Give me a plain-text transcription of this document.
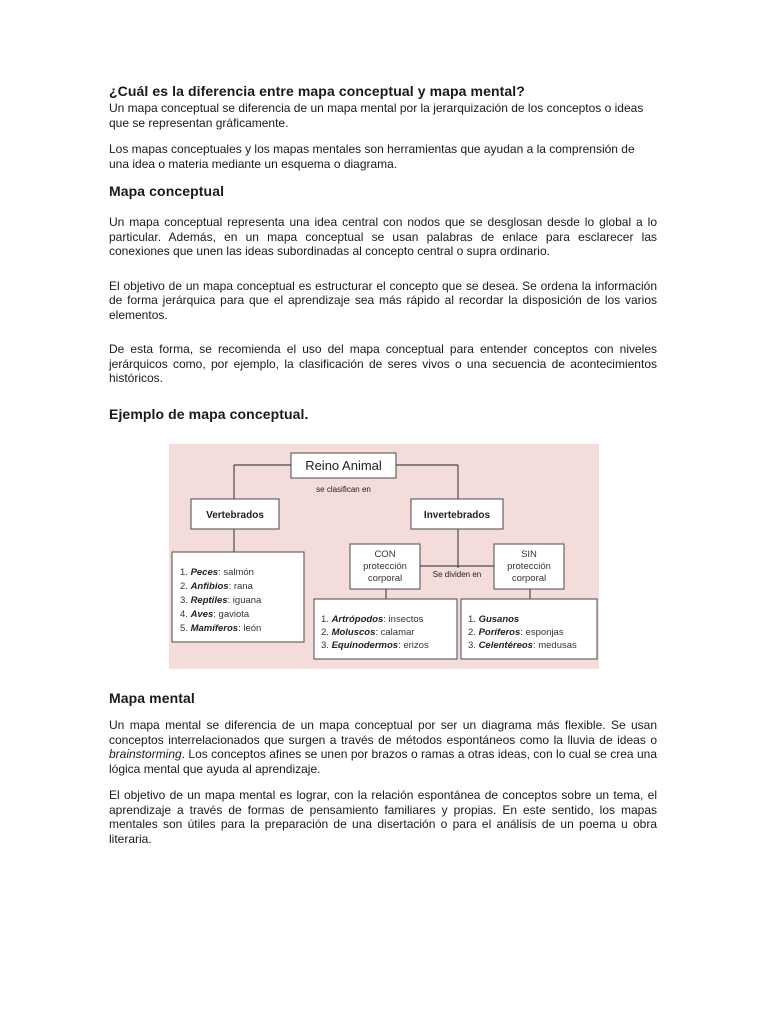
¿Cuál es la diferencia entre mapa conceptual y mapa mental?

Un mapa conceptual se diferencia de un mapa mental por la jerarquización de los conceptos o ideas que se representan gráficamente.

Los mapas conceptuales y los mapas mentales son herramientas que ayudan a la comprensión de una idea o materia mediante un esquema o diagrama.

Mapa conceptual

Un mapa conceptual representa una idea central con nodos que se desglosan desde lo global a lo particular. Además, en un mapa conceptual se usan palabras de enlace para esclarecer las conexiones que unen las ideas subordinadas al concepto central o supra ordinario.

El objetivo de un mapa conceptual es estructurar el concepto que se desea. Se ordena la información de forma jerárquica para que el aprendizaje sea más rápido al recordar la disposición de los varios elementos.

De esta forma, se recomienda el uso del mapa conceptual para entender conceptos con niveles jerárquicos como, por ejemplo, la clasificación de seres vivos o una secuencia de acontecimientos históricos.

Ejemplo de mapa conceptual.
Reino Animal
se clasifican en
Vertebrados	Invertebrados
CON
protección
corporal
SIN
protección
corporal
Se dividen en
1. Peces: salmón
2. Anfibios: rana
3. Reptiles: iguana
4. Aves: gaviota
5. Mamíferos: león
1. Artrópodos: insectos
2. Moluscos: calamar
3. Equinodermos: erizos
1. Gusanos
2. Poríferos: esponjas
3. Celentéreos: medusas
Mapa mental

Un mapa mental se diferencia de un mapa conceptual por ser un diagrama más flexible. Se usan conceptos interrelacionados que surgen a través de métodos espontáneos como la lluvia de ideas o brainstorming. Los conceptos afines se unen por brazos o ramas a otras ideas, con lo cual se crea una lógica mental que ayuda al aprendizaje.

El objetivo de un mapa mental es lograr, con la relación espontánea de conceptos sobre un tema, el aprendizaje a través de formas de pensamiento familiares y propias. En este sentido, los mapas mentales son útiles para la preparación de una disertación o para el análisis de un poema u obra literaria.
